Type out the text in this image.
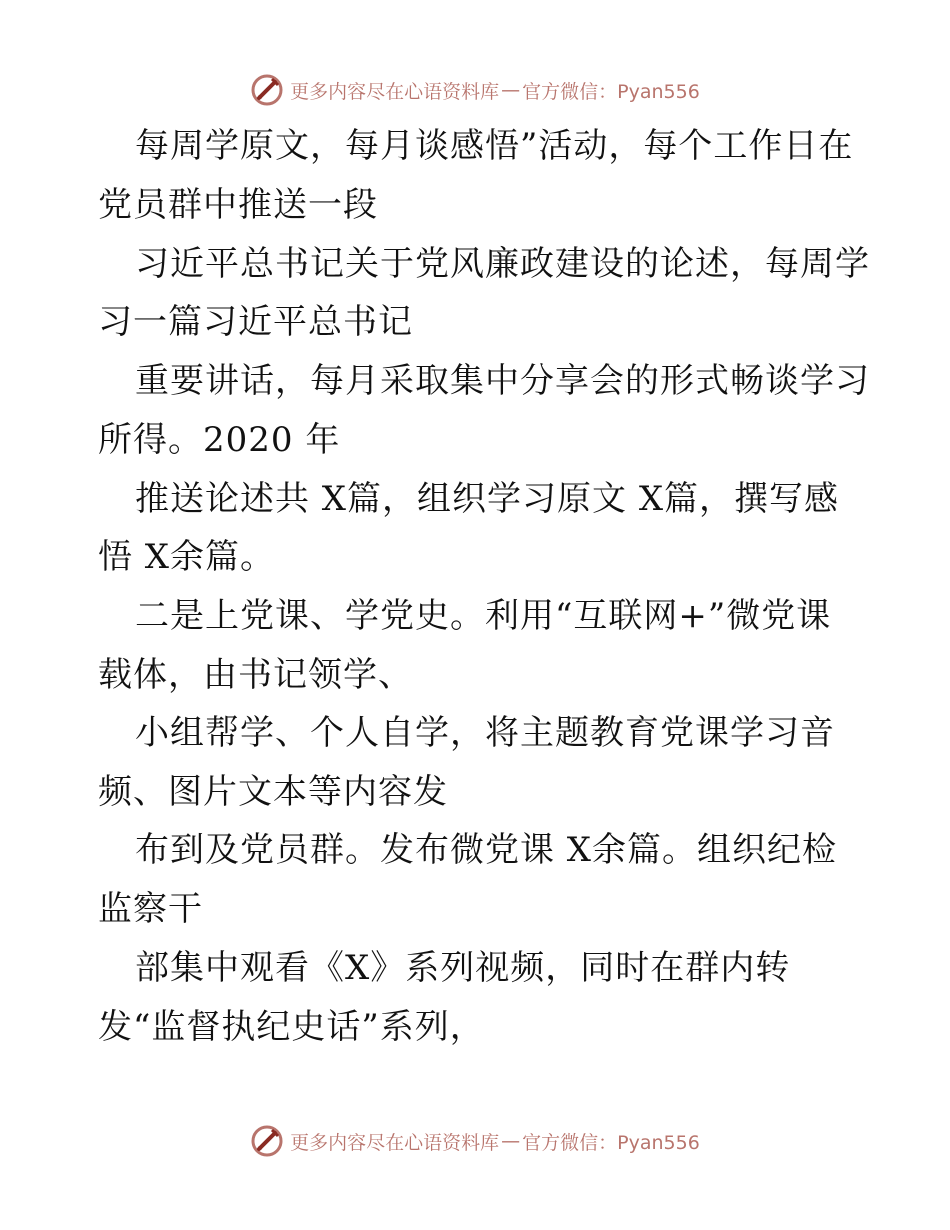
更多内容尽在心语资料库 — 官方微信：Pyan556
每周学原文，每月谈感悟”活动，每个工作日在
党员群中推送一段
习近平总书记关于党风廉政建设的论述，每周学
习一篇习近平总书记
重要讲话，每月采取集中分享会的形式畅谈学习
所得。2020 年
推送论述共 X篇，组织学习原文 X篇，撰写感
悟 X余篇。
二是上党课、学党史。利用“互联网+”微党课
载体，由书记领学、
小组帮学、个人自学，将主题教育党课学习音
频、图片文本等内容发
布到及党员群。发布微党课 X余篇。组织纪检
监察干
部集中观看《X》系列视频，同时在群内转
发“监督执纪史话”系列，
更多内容尽在心语资料库 — 官方微信：Pyan556
